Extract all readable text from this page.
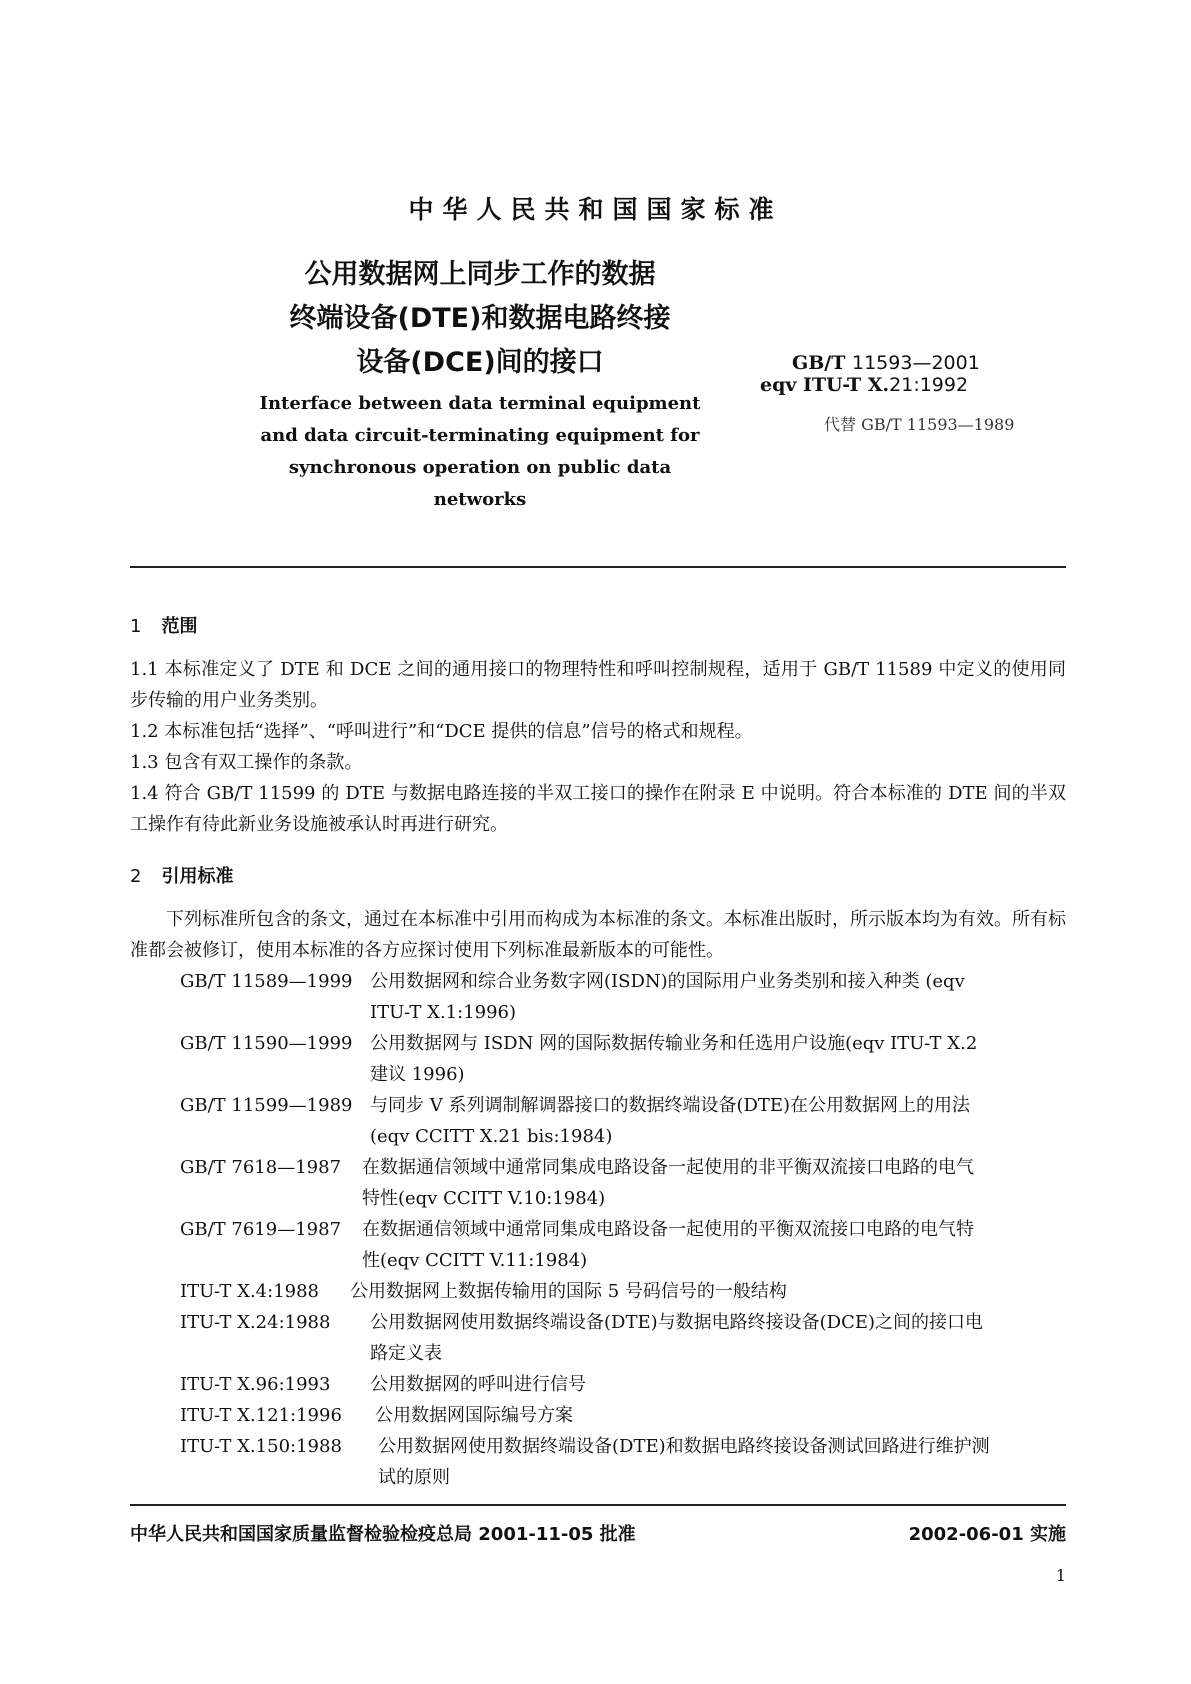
中华人民共和国国家标准
公用数据网上同步工作的数据
终端设备(DTE)和数据电路终接
设备(DCE)间的接口
Interface between data terminal equipment
and data circuit-terminating equipment for
synchronous operation on public data networks
GB/T 11593—2001
eqv ITU-T X.21:1992
代替 GB/T 11593—1989
1 范围
1.1 本标准定义了 DTE 和 DCE 之间的通用接口的物理特性和呼叫控制规程，适用于 GB/T 11589 中定义的使用同步传输的用户业务类别。
1.2 本标准包括“选择”、“呼叫进行”和“DCE 提供的信息”信号的格式和规程。
1.3 包含有双工操作的条款。
1.4 符合 GB/T 11599 的 DTE 与数据电路连接的半双工接口的操作在附录 E 中说明。符合本标准的 DTE 间的半双工操作有待此新业务设施被承认时再进行研究。
2 引用标准
下列标准所包含的条文，通过在本标准中引用而构成为本标准的条文。本标准出版时，所示版本均为有效。所有标准都会被修订，使用本标准的各方应探讨使用下列标准最新版本的可能性。
GB/T 11589—1999 公用数据网和综合业务数字网(ISDN)的国际用户业务类别和接入种类 (eqv ITU-T X.1:1996)
GB/T 11590—1999 公用数据网与 ISDN 网的国际数据传输业务和任选用户设施(eqv ITU-T X.2建议 1996)
GB/T 11599—1989 与同步 V 系列调制解调器接口的数据终端设备(DTE)在公用数据网上的用法(eqv CCITT X.21 bis:1984)
GB/T 7618—1987 在数据通信领域中通常同集成电路设备一起使用的非平衡双流接口电路的电气特性(eqv CCITT V.10:1984)
GB/T 7619—1987 在数据通信领域中通常同集成电路设备一起使用的平衡双流接口电路的电气特性(eqv CCITT V.11:1984)
ITU-T X.4:1988 公用数据网上数据传输用的国际 5 号码信号的一般结构
ITU-T X.24:1988 公用数据网使用数据终端设备(DTE)与数据电路终接设备(DCE)之间的接口电路定义表
ITU-T X.96:1993 公用数据网的呼叫进行信号
ITU-T X.121:1996 公用数据网国际编号方案
ITU-T X.150:1988 公用数据网使用数据终端设备(DTE)和数据电路终接设备测试回路进行维护测试的原则
中华人民共和国国家质量监督检验检疫总局 2001-11-05 批准	2002-06-01 实施
1
